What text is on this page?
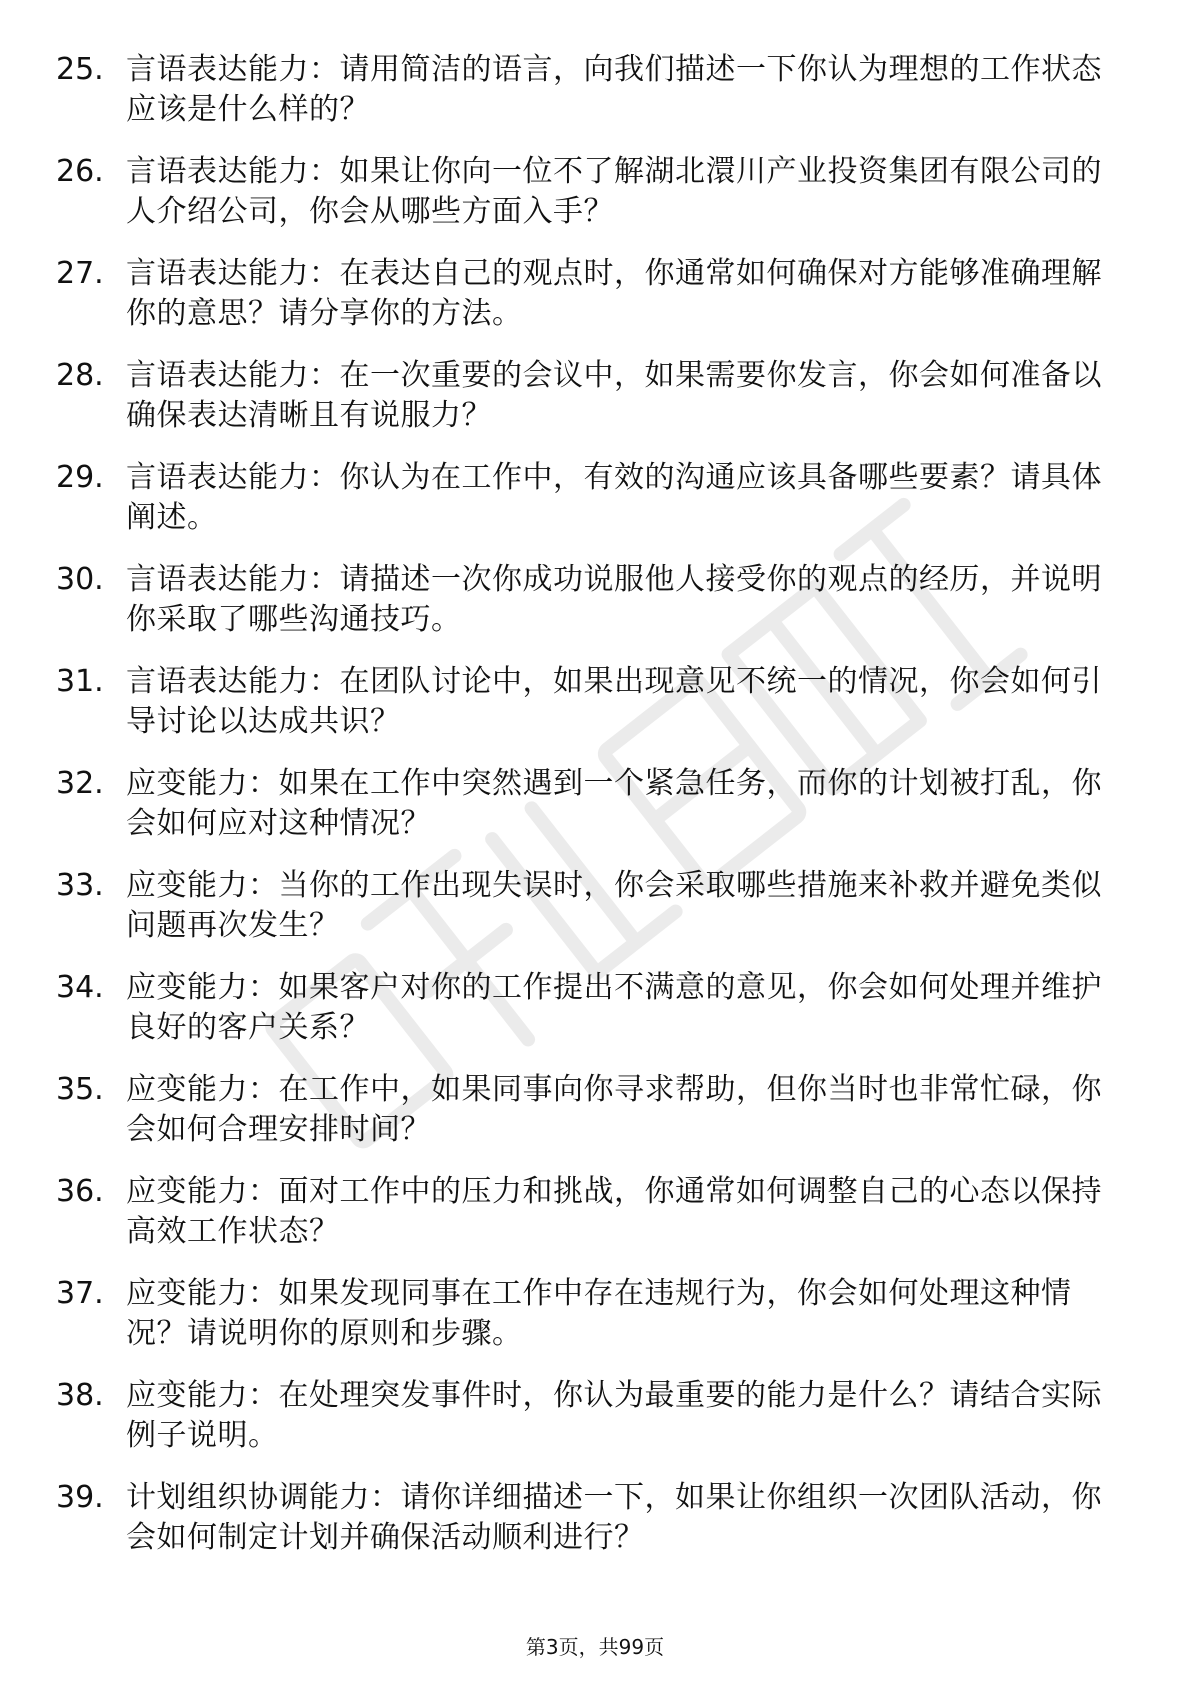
25. 言语表达能力：请用简洁的语言，向我们描述一下你认为理想的工作状态应该是什么样的？
26. 言语表达能力：如果让你向一位不了解湖北澴川产业投资集团有限公司的人介绍公司，你会从哪些方面入手？
27. 言语表达能力：在表达自己的观点时，你通常如何确保对方能够准确理解你的意思？请分享你的方法。
28. 言语表达能力：在一次重要的会议中，如果需要你发言，你会如何准备以确保表达清晰且有说服力？
29. 言语表达能力：你认为在工作中，有效的沟通应该具备哪些要素？请具体阐述。
30. 言语表达能力：请描述一次你成功说服他人接受你的观点的经历，并说明你采取了哪些沟通技巧。
31. 言语表达能力：在团队讨论中，如果出现意见不统一的情况，你会如何引导讨论以达成共识？
32. 应变能力：如果在工作中突然遇到一个紧急任务，而你的计划被打乱，你会如何应对这种情况？
33. 应变能力：当你的工作出现失误时，你会采取哪些措施来补救并避免类似问题再次发生？
34. 应变能力：如果客户对你的工作提出不满意的意见，你会如何处理并维护良好的客户关系？
35. 应变能力：在工作中，如果同事向你寻求帮助，但你当时也非常忙碌，你会如何合理安排时间？
36. 应变能力：面对工作中的压力和挑战，你通常如何调整自己的心态以保持高效工作状态？
37. 应变能力：如果发现同事在工作中存在违规行为，你会如何处理这种情况？请说明你的原则和步骤。
38. 应变能力：在处理突发事件时，你认为最重要的能力是什么？请结合实际例子说明。
39. 计划组织协调能力：请你详细描述一下，如果让你组织一次团队活动，你会如何制定计划并确保活动顺利进行？
第3页，共99页
